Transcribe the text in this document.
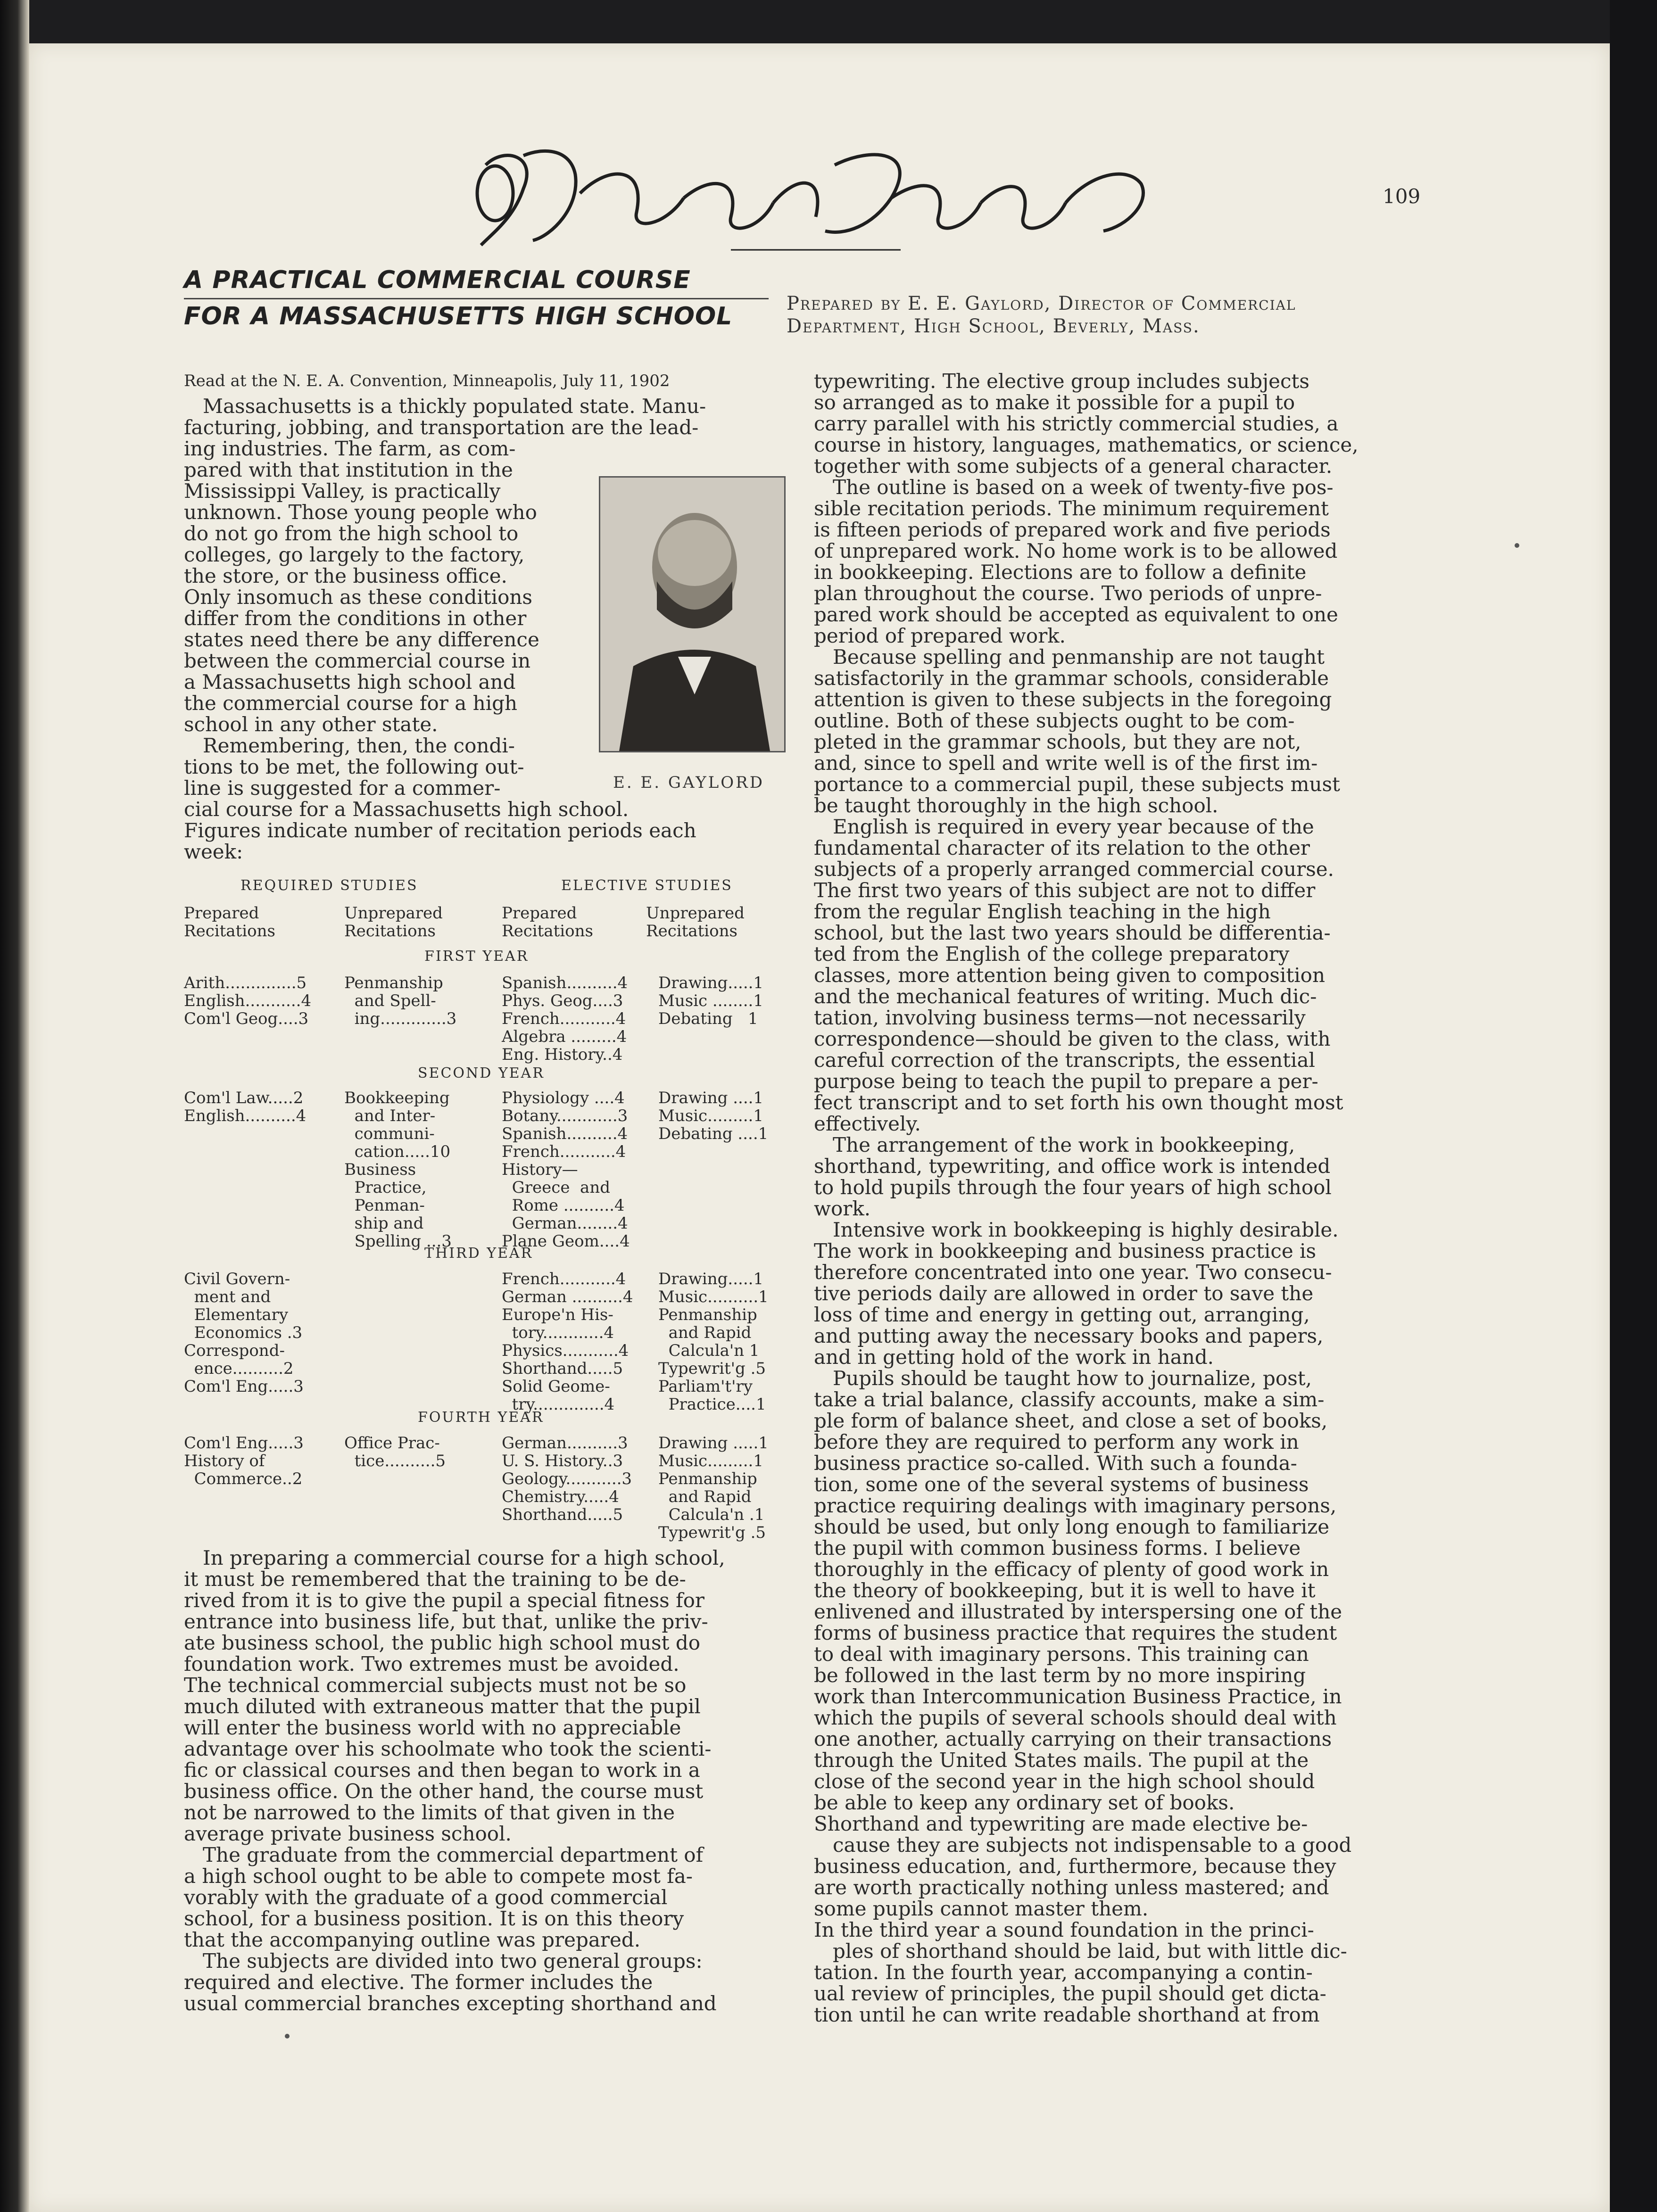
109
A PRACTICAL COMMERCIAL COURSE
FOR A MASSACHUSETTS HIGH SCHOOL	Prepared by E. E. Gaylord, Director of Commercial
Department, High School, Beverly, Mass.

Read at the N. E. A. Convention, Minneapolis, July 11, 1902

Massachusetts is a thickly populated state. Manu-
facturing, jobbing, and transportation are the lead-
ing industries. The farm, as com-
pared with that institution in the
Mississippi Valley, is practically
unknown. Those young people who
do not go from the high school to
colleges, go largely to the factory,
the store, or the business office.
Only insomuch as these conditions
differ from the conditions in other
states need there be any difference
between the commercial course in
a Massachusetts high school and
the commercial course for a high
school in any other state.
Remembering, then, the condi-
tions to be met, the following out-
line is suggested for a commer-
cial course for a Massachusetts high school.
Figures indicate number of recitation periods each
week:
E. E. GAYLORD
REQUIRED STUDIES	ELECTIVE STUDIES
Prepared
Recitations
Unprepared
Recitations
Prepared
Recitations
Unprepared
Recitations
FIRST YEAR
Arith..............5
English...........4
Com'l Geog....3
Penmanship
and Spell-
ing.............3
Spanish..........4
Phys. Geog....3
French...........4
Algebra .........4
Eng. History..4
Drawing.....1
Music ........1
Debating   1
SECOND YEAR
Com'l Law.....2
English..........4
Bookkeeping
and Inter-
communi-
cation.....10
Business
Practice,
Penman-
ship and
Spelling ...3
Physiology ....4
Botany............3
Spanish..........4
French...........4
History—
Greece  and
Rome ..........4
German........4
Plane Geom....4
Drawing ....1
Music.........1
Debating ....1
THIRD YEAR
Civil Govern-
ment and
Elementary
Economics .3
Correspond-
ence..........2
Com'l Eng.....3
French...........4
German ..........4
Europe'n His-
tory............4
Physics...........4
Shorthand.....5
Solid Geome-
try..............4
Drawing.....1
Music..........1
Penmanship
and Rapid
Calcula'n 1
Typewrit'g .5
Parliam't'ry
Practice....1
FOURTH YEAR
Com'l Eng.....3
History of
Commerce..2
Office Prac-
tice..........5
German..........3
U. S. History..3
Geology...........3
Chemistry.....4
Shorthand.....5
Drawing .....1
Music.........1
Penmanship
and Rapid
Calcula'n .1
Typewrit'g .5
In preparing a commercial course for a high school,
it must be remembered that the training to be de-
rived from it is to give the pupil a special fitness for
entrance into business life, but that, unlike the priv-
ate business school, the public high school must do
foundation work. Two extremes must be avoided.
The technical commercial subjects must not be so
much diluted with extraneous matter that the pupil
will enter the business world with no appreciable
advantage over his schoolmate who took the scienti-
fic or classical courses and then began to work in a
business office. On the other hand, the course must
not be narrowed to the limits of that given in the
average private business school.
The graduate from the commercial department of
a high school ought to be able to compete most fa-
vorably with the graduate of a good commercial
school, for a business position. It is on this theory
that the accompanying outline was prepared.
The subjects are divided into two general groups:
required and elective. The former includes the
usual commercial branches excepting shorthand and
typewriting. The elective group includes subjects
so arranged as to make it possible for a pupil to
carry parallel with his strictly commercial studies, a
course in history, languages, mathematics, or science,
together with some subjects of a general character.
The outline is based on a week of twenty-five pos-
sible recitation periods. The minimum requirement
is fifteen periods of prepared work and five periods
of unprepared work. No home work is to be allowed
in bookkeeping. Elections are to follow a definite
plan throughout the course. Two periods of unpre-
pared work should be accepted as equivalent to one
period of prepared work.
Because spelling and penmanship are not taught
satisfactorily in the grammar schools, considerable
attention is given to these subjects in the foregoing
outline. Both of these subjects ought to be com-
pleted in the grammar schools, but they are not,
and, since to spell and write well is of the first im-
portance to a commercial pupil, these subjects must
be taught thoroughly in the high school.
English is required in every year because of the
fundamental character of its relation to the other
subjects of a properly arranged commercial course.
The first two years of this subject are not to differ
from the regular English teaching in the high
school, but the last two years should be differentia-
ted from the English of the college preparatory
classes, more attention being given to composition
and the mechanical features of writing. Much dic-
tation, involving business terms—not necessarily
correspondence—should be given to the class, with
careful correction of the transcripts, the essential
purpose being to teach the pupil to prepare a per-
fect transcript and to set forth his own thought most
effectively.
The arrangement of the work in bookkeeping,
shorthand, typewriting, and office work is intended
to hold pupils through the four years of high school
work.
Intensive work in bookkeeping is highly desirable.
The work in bookkeeping and business practice is
therefore concentrated into one year. Two consecu-
tive periods daily are allowed in order to save the
loss of time and energy in getting out, arranging,
and putting away the necessary books and papers,
and in getting hold of the work in hand.
Pupils should be taught how to journalize, post,
take a trial balance, classify accounts, make a sim-
ple form of balance sheet, and close a set of books,
before they are required to perform any work in
business practice so-called. With such a founda-
tion, some one of the several systems of business
practice requiring dealings with imaginary persons,
should be used, but only long enough to familiarize
the pupil with common business forms. I believe
thoroughly in the efficacy of plenty of good work in
the theory of bookkeeping, but it is well to have it
enlivened and illustrated by interspersing one of the
forms of business practice that requires the student
to deal with imaginary persons. This training can
be followed in the last term by no more inspiring
work than Intercommunication Business Practice, in
which the pupils of several schools should deal with
one another, actually carrying on their transactions
through the United States mails. The pupil at the
close of the second year in the high school should
be able to keep any ordinary set of books.
Shorthand and typewriting are made elective be-
cause they are subjects not indispensable to a good
business education, and, furthermore, because they
are worth practically nothing unless mastered; and
some pupils cannot master them.
In the third year a sound foundation in the princi-
ples of shorthand should be laid, but with little dic-
tation. In the fourth year, accompanying a contin-
ual review of principles, the pupil should get dicta-
tion until he can write readable shorthand at from
